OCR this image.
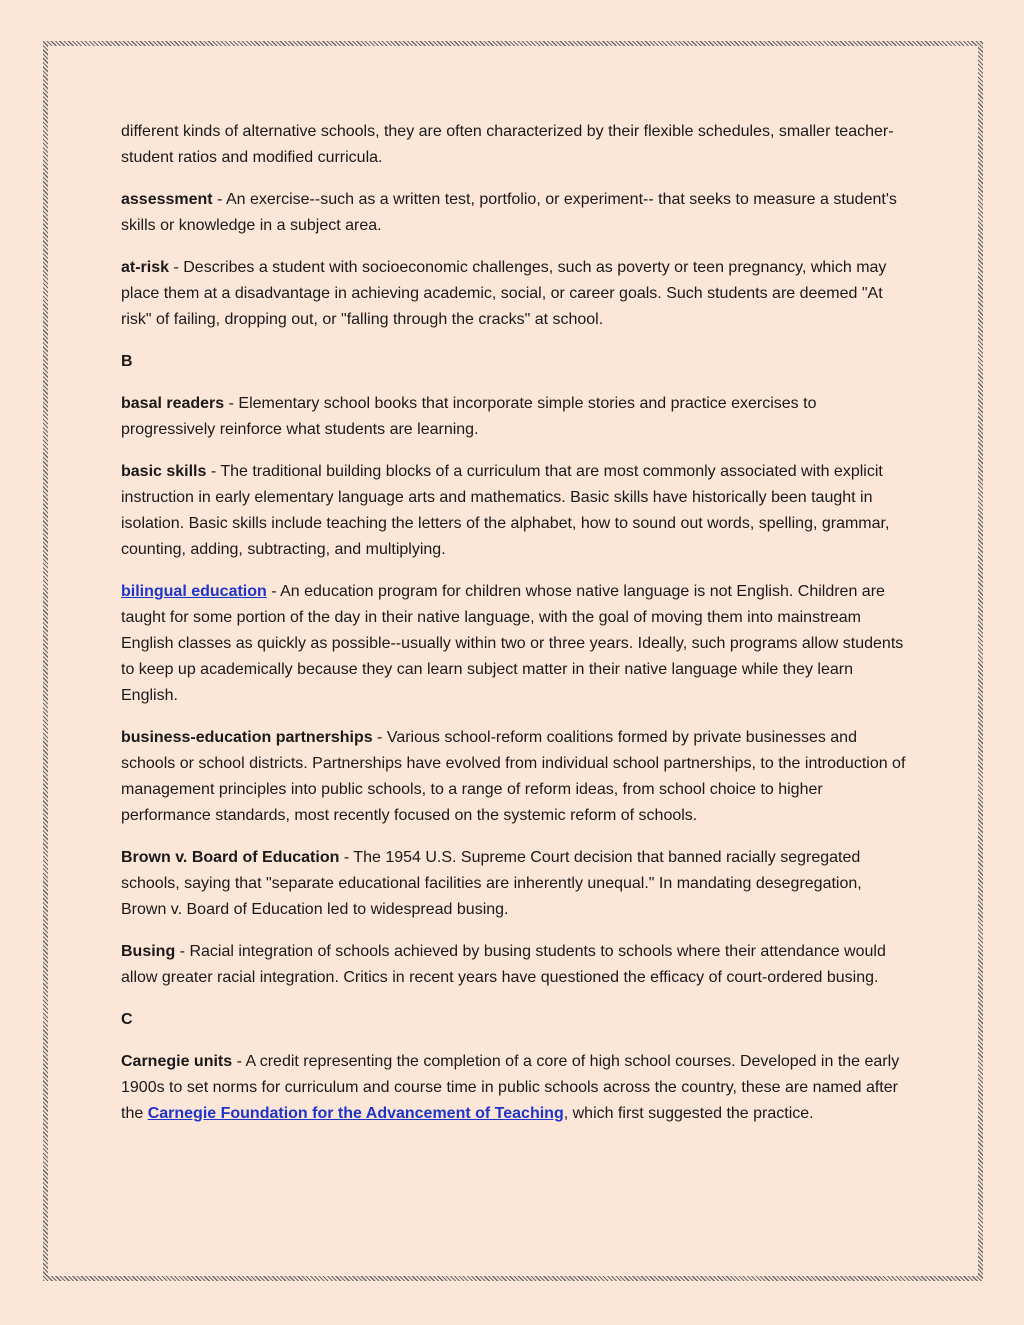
different kinds of alternative schools, they are often characterized by their flexible schedules, smaller teacher-student ratios and modified curricula.

assessment - An exercise--such as a written test, portfolio, or experiment-- that seeks to measure a student's skills or knowledge in a subject area.

at-risk - Describes a student with socioeconomic challenges, such as poverty or teen pregnancy, which may place them at a disadvantage in achieving academic, social, or career goals. Such students are deemed "At risk" of failing, dropping out, or "falling through the cracks" at school.

B

basal readers - Elementary school books that incorporate simple stories and practice exercises to progressively reinforce what students are learning.

basic skills - The traditional building blocks of a curriculum that are most commonly associated with explicit instruction in early elementary language arts and mathematics. Basic skills have historically been taught in isolation. Basic skills include teaching the letters of the alphabet, how to sound out words, spelling, grammar, counting, adding, subtracting, and multiplying.

bilingual education - An education program for children whose native language is not English. Children are taught for some portion of the day in their native language, with the goal of moving them into mainstream English classes as quickly as possible--usually within two or three years. Ideally, such programs allow students to keep up academically because they can learn subject matter in their native language while they learn English.

business-education partnerships - Various school-reform coalitions formed by private businesses and schools or school districts. Partnerships have evolved from individual school partnerships, to the introduction of management principles into public schools, to a range of reform ideas, from school choice to higher performance standards, most recently focused on the systemic reform of schools.

Brown v. Board of Education - The 1954 U.S. Supreme Court decision that banned racially segregated schools, saying that "separate educational facilities are inherently unequal." In mandating desegregation, Brown v. Board of Education led to widespread busing.

Busing - Racial integration of schools achieved by busing students to schools where their attendance would allow greater racial integration. Critics in recent years have questioned the efficacy of court-ordered busing.

C

Carnegie units - A credit representing the completion of a core of high school courses. Developed in the early 1900s to set norms for curriculum and course time in public schools across the country, these are named after the Carnegie Foundation for the Advancement of Teaching, which first suggested the practice.
